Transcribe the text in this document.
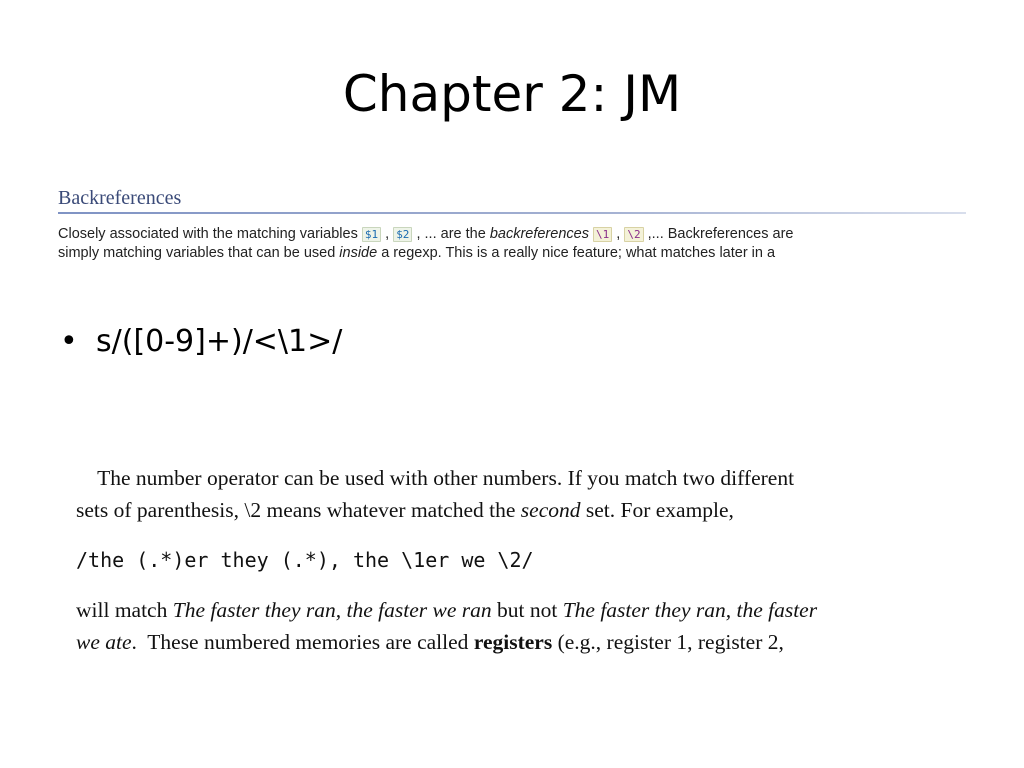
Chapter 2: JM
Backreferences
Closely associated with the matching variables $1 , $2 , ... are the backreferences \1 , \2 ,... Backreferences are
simply matching variables that can be used inside a regexp. This is a really nice feature; what matches later in a
• s/([0-9]+)/<\1>/
The number operator can be used with other numbers. If you match two different
sets of parenthesis, \2 means whatever matched the second set. For example,
/the (.*)er they (.*), the \1er we \2/
will match The faster they ran, the faster we ran but not The faster they ran, the faster
we ate.  These numbered memories are called registers (e.g., register 1, register 2,
